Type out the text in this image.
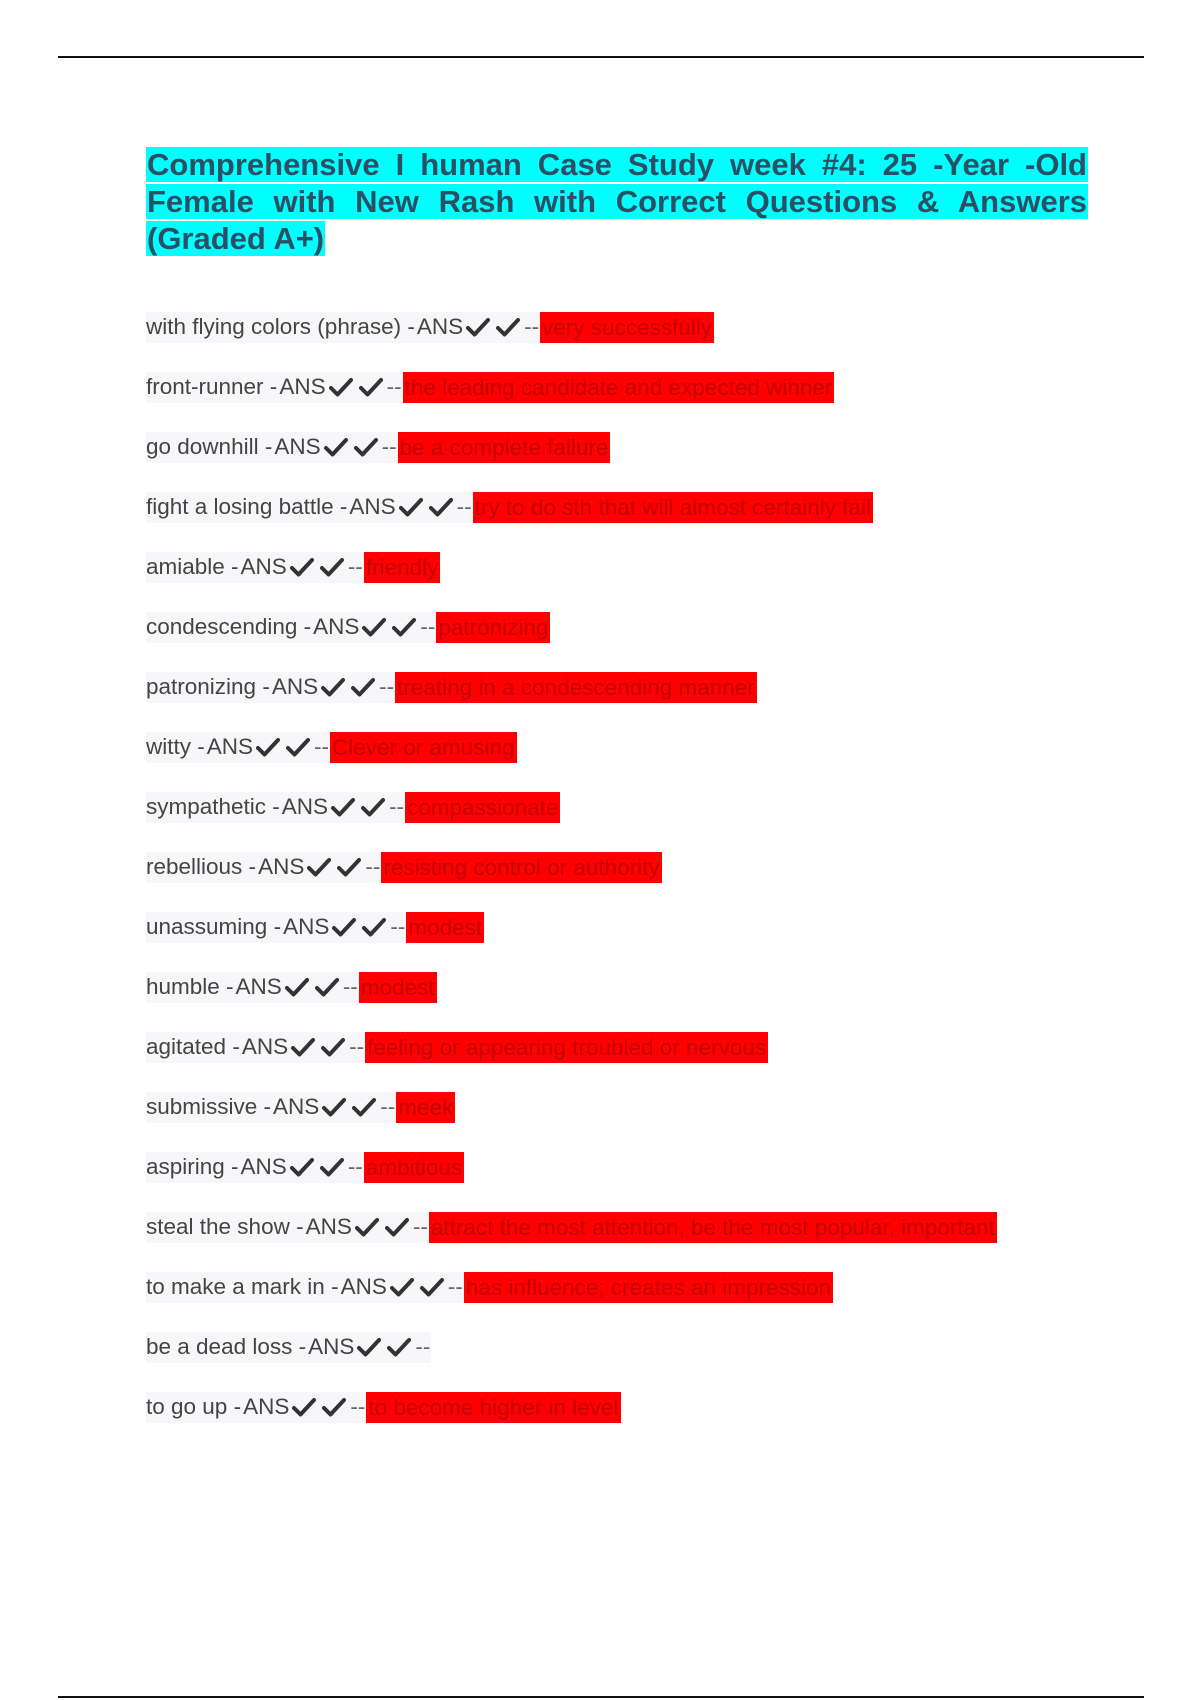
Comprehensive I human Case Study week #4: 25 -Year -Old Female with New Rash with Correct Questions & Answers (Graded A+)
with flying colors (phrase) - ANS	-- very successfully
front-runner - ANS	-- the leading candidate and expected winner
go downhill - ANS	-- be a complete failure
fight a losing battle - ANS	-- try to do sth that will almost certainly fail
amiable - ANS	-- friendly
condescending - ANS	-- patronizing
patronizing - ANS	-- treating in a condescending manner
witty - ANS	-- Clever or amusing
sympathetic - ANS	-- compassionate
rebellious - ANS	-- resisting control or authority
unassuming - ANS	-- modest
humble - ANS	-- modest
agitated - ANS	-- feeling or appearing troubled or nervous
submissive - ANS	-- meek
aspiring - ANS	-- ambitious
steal the show - ANS	-- attract the most attention, be the most popular, important
to make a mark in - ANS	-- has influence; creates an impression
be a dead loss - ANS	--
to go up - ANS	-- to become higher in level
